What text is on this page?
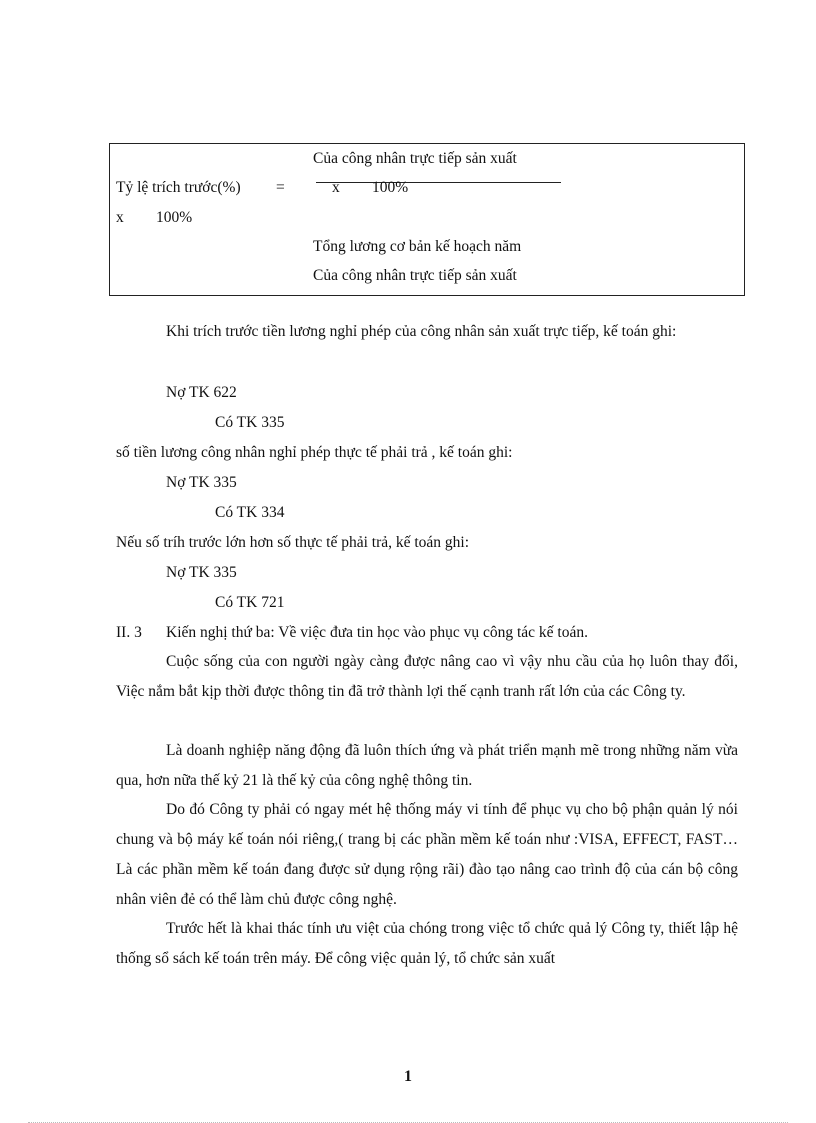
Của công nhân trực tiếp sản xuất
Tỷ lệ trích trước(%) =	x 100%
x 100%
Tổng lương cơ bản kế hoạch năm
Của công nhân trực tiếp sản xuất

Khi trích trước tiền lương nghỉ phép của công nhân sản xuất trực tiếp, kế toán ghi:

Nợ TK 622
Có TK 335
số tiền lương công nhân nghỉ phép thực tế phải trả , kế toán ghi:
Nợ TK 335
Có TK 334
Nếu số tríh trước lớn hơn số thực tế phải trả, kế toán ghi:
Nợ TK 335
Có TK 721
II. 3 Kiến nghị thứ ba: Về việc đưa tin học vào phục vụ công tác kế toán.

Cuộc sống của con người ngày càng được nâng cao vì vậy nhu cầu của họ luôn thay đổi, Việc nắm bắt kịp thời được thông tin đã trở thành lợi thế cạnh tranh rất lớn của các Công ty.

Là doanh nghiệp năng động đã luôn thích ứng và phát triển mạnh mẽ trong những năm vừa qua, hơn nữa thế kỷ 21 là thế kỷ của công nghệ thông tin.

Do đó Công ty phải có ngay mét hệ thống máy vi tính để phục vụ cho bộ phận quản lý nói chung và bộ máy kế toán nói riêng,( trang bị các phần mềm kế toán như :VISA, EFFECT, FAST…Là các phần mềm kế toán đang được sử dụng rộng rãi) đào tạo nâng cao trình độ của cán bộ công nhân viên đẻ có thể làm chủ được công nghệ.

Trước hết là khai thác tính ưu việt của chóng trong việc tổ chức quả lý Công ty, thiết lập hệ thống sổ sách kế toán trên máy. Để công việc quản lý, tổ chức sản xuất

1
